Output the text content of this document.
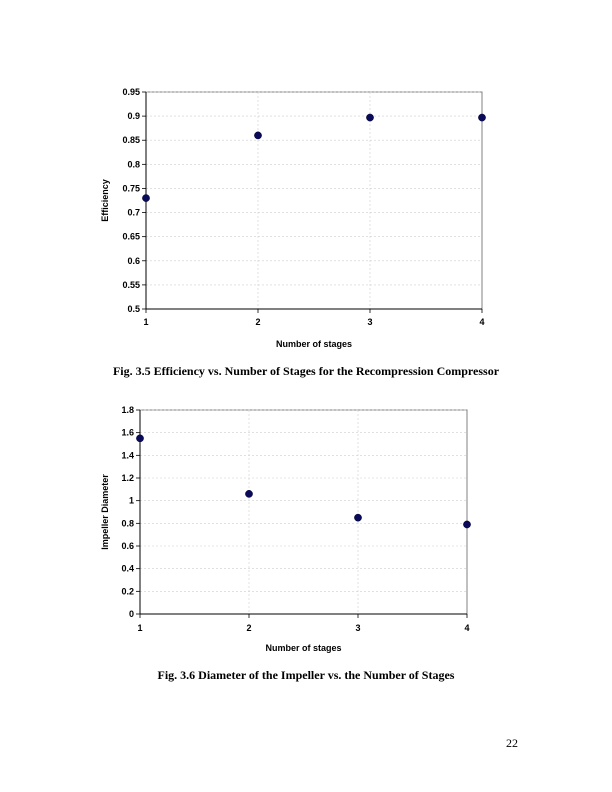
0.95
0.9
0.85
0.8
0.75
0.7
0.65
0.6
0.55
0.5
1	2	3	4
Number of stages
Efficiency
Fig. 3.5 Efficiency vs. Number of Stages for the Recompression Compressor
1.8
1.6
1.4
1.2
1
0.8
0.6
0.4
0.2
0
1	2	3	4
Number of stages
Impeller Diameter
Fig. 3.6 Diameter of the Impeller vs. the Number of Stages
22
